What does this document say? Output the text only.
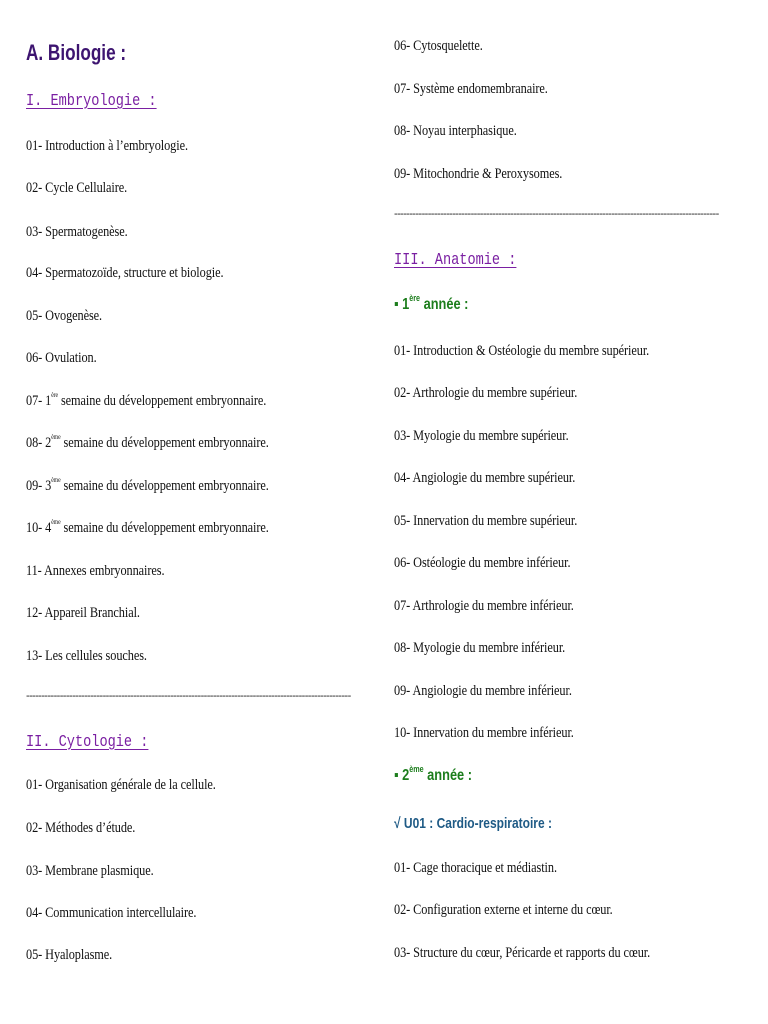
A. Biologie :
I. Embryologie :
01- Introduction à l’embryologie.
02- Cycle Cellulaire.
03- Spermatogenèse.
04- Spermatozoïde, structure et biologie.
05- Ovogenèse.
06- Ovulation.
07- 1ère semaine du développement embryonnaire.
08- 2ème semaine du développement embryonnaire.
09- 3ème semaine du développement embryonnaire.
10- 4ème semaine du développement embryonnaire.
11- Annexes embryonnaires.
12- Appareil Branchial.
13- Les cellules souches.
----------------------------------------------------------------------------------------------------------
II. Cytologie :
01- Organisation générale de la cellule.
02- Méthodes d’étude.
03- Membrane plasmique.
04- Communication intercellulaire.
05- Hyaloplasme.
06- Cytosquelette.
07- Système endomembranaire.
08- Noyau interphasique.
09- Mitochondrie & Peroxysomes.
----------------------------------------------------------------------------------------------------------
III. Anatomie :
▪ 1ère année :
01- Introduction & Ostéologie du membre supérieur.
02- Arthrologie du membre supérieur.
03- Myologie du membre supérieur.
04- Angiologie du membre supérieur.
05- Innervation du membre supérieur.
06- Ostéologie du membre inférieur.
07- Arthrologie du membre inférieur.
08- Myologie du membre inférieur.
09- Angiologie du membre inférieur.
10- Innervation du membre inférieur.
▪ 2ème année :
√ U01 : Cardio-respiratoire :
01- Cage thoracique et médiastin.
02- Configuration externe et interne du cœur.
03- Structure du cœur, Péricarde et rapports du cœur.
